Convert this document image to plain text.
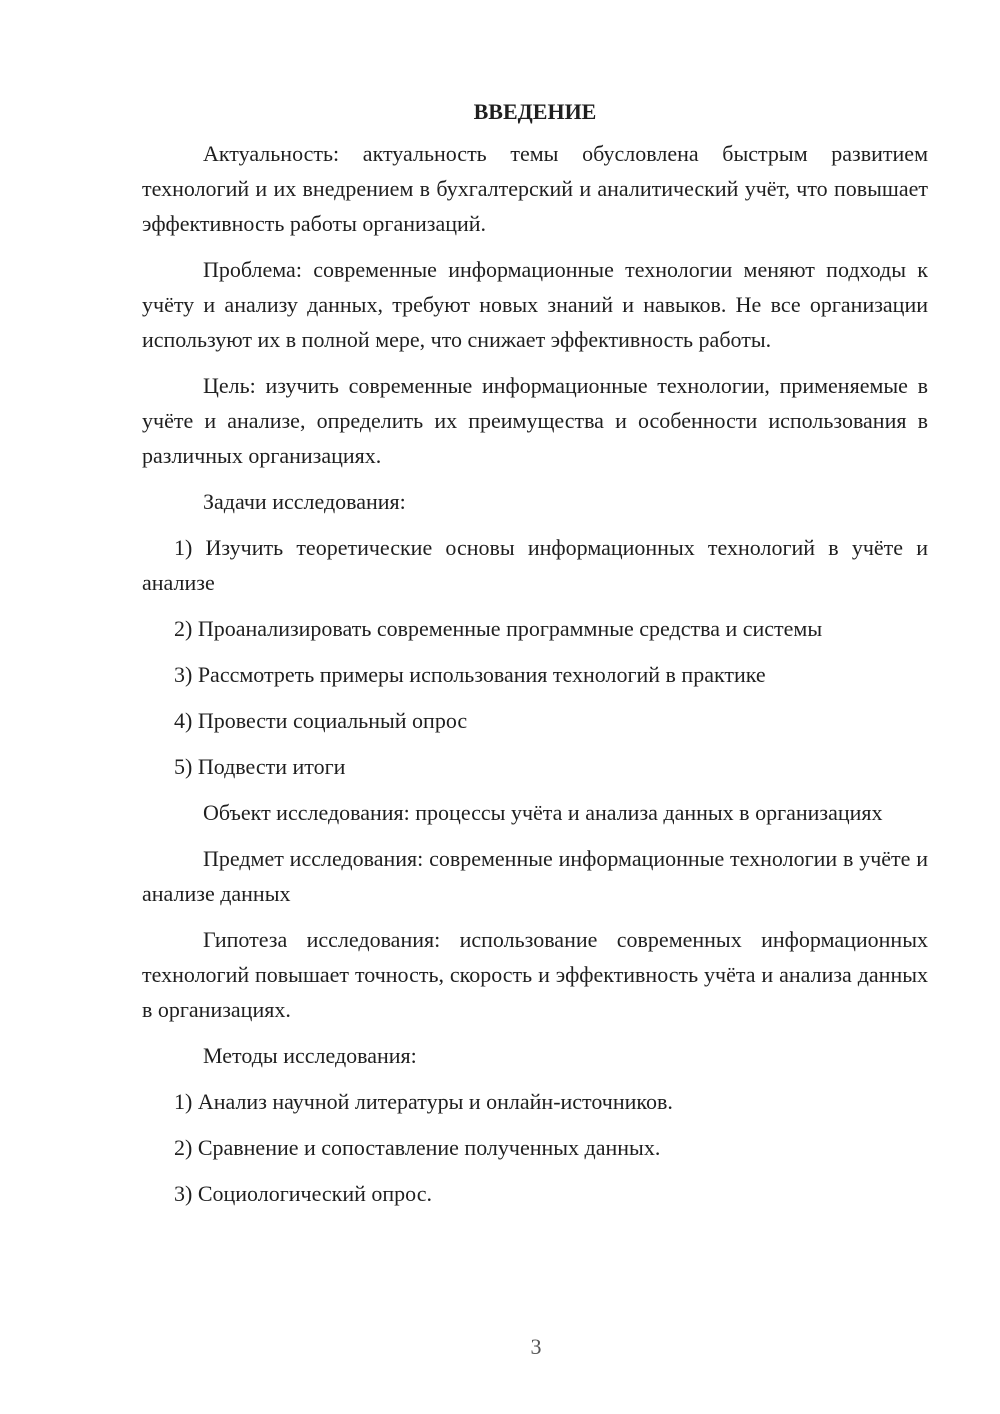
ВВЕДЕНИЕ

Актуальность: актуальность темы обусловлена быстрым развитием технологий и их внедрением в бухгалтерский и аналитический учёт, что повышает эффективность работы организаций.

Проблема: современные информационные технологии меняют подходы к учёту и анализу данных, требуют новых знаний и навыков. Не все организации используют их в полной мере, что снижает эффективность работы.

Цель: изучить современные информационные технологии, применяемые в учёте и анализе, определить их преимущества и особенности использования в различных организациях.

Задачи исследования:

1) Изучить теоретические основы информационных технологий в учёте и анализе

2) Проанализировать современные программные средства и системы

3) Рассмотреть примеры использования технологий в практике

4) Провести социальный опрос

5) Подвести итоги

Объект исследования: процессы учёта и анализа данных в организациях

Предмет исследования: современные информационные технологии в учёте и анализе данных

Гипотеза исследования: использование современных информационных технологий повышает точность, скорость и эффективность учёта и анализа данных в организациях.

Методы исследования:

1) Анализ научной литературы и онлайн-источников.

2) Сравнение и сопоставление полученных данных.

3) Социологический опрос.

3
